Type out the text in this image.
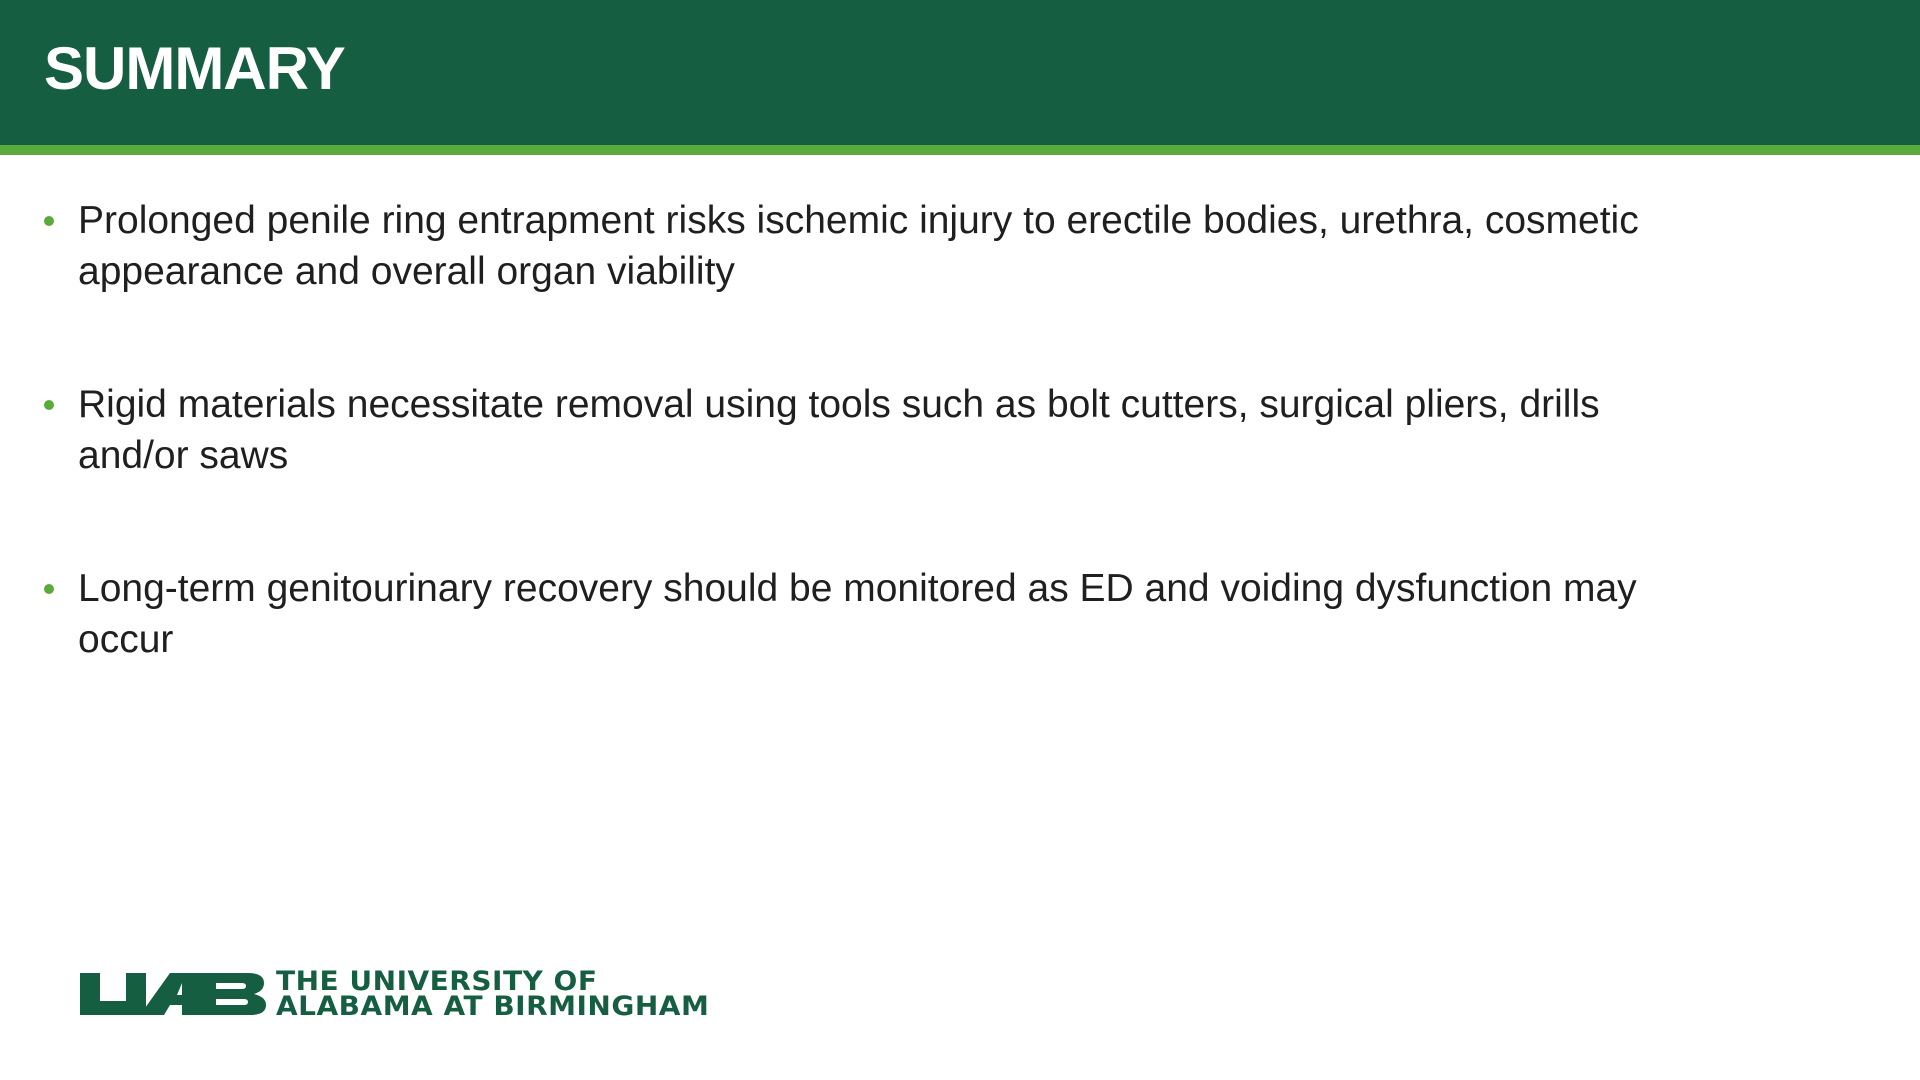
SUMMARY
Prolonged penile ring entrapment risks ischemic injury to erectile bodies, urethra, cosmetic appearance and overall organ viability
Rigid materials necessitate removal using tools such as bolt cutters, surgical pliers, drills and/or saws
Long-term genitourinary recovery should be monitored as ED and voiding dysfunction may occur
THE UNIVERSITY OF
ALABAMA AT BIRMINGHAM
